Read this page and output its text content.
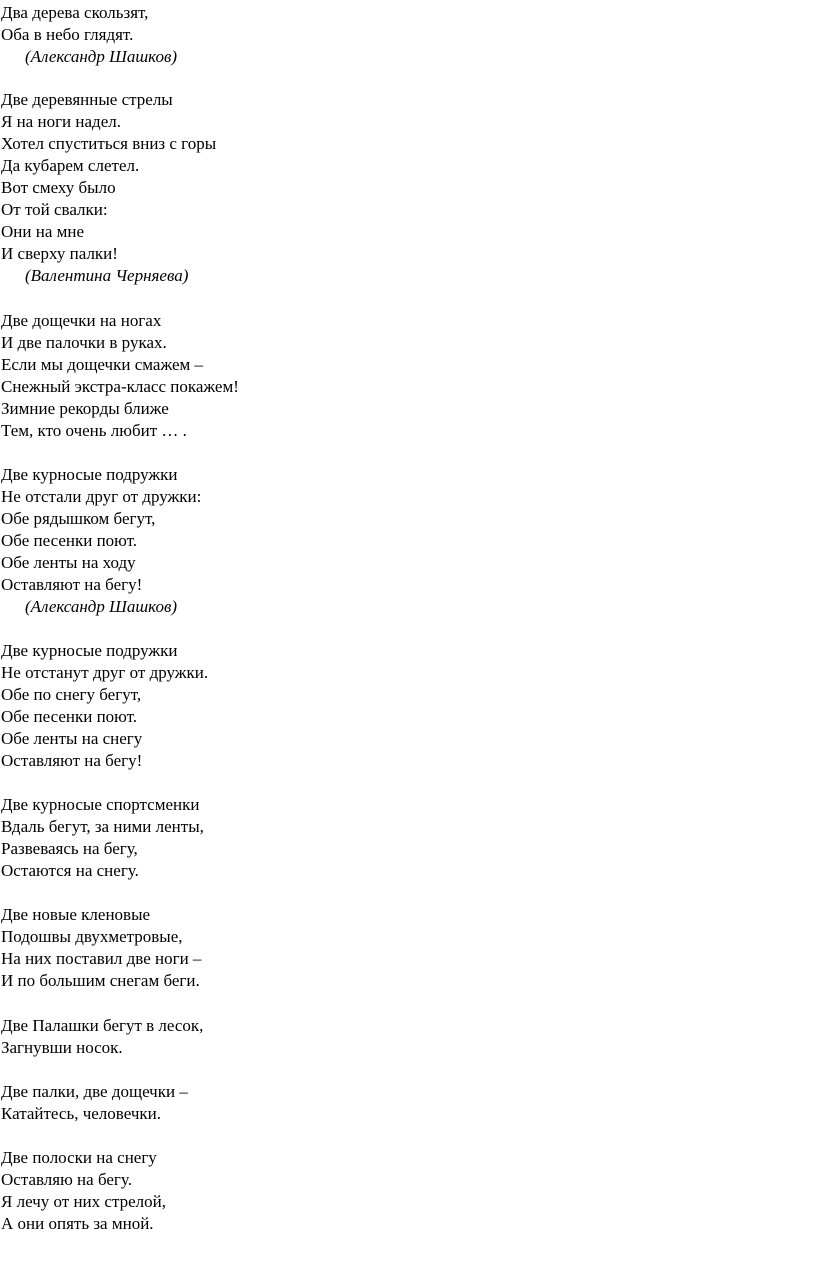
Два дерева скользят,
Оба в небо глядят.
(Александр Шашков)
Две деревянные стрелы
Я на ноги надел.
Хотел спуститься вниз с горы
Да кубарем слетел.
Вот смеху было
От той свалки:
Они на мне
И сверху палки!
(Валентина Черняева)
Две дощечки на ногах
И две палочки в руках.
Если мы дощечки смажем –
Снежный экстра-класс покажем!
Зимние рекорды ближе
Тем, кто очень любит … .
Две курносые подружки
Не отстали друг от дружки:
Обе рядышком бегут,
Обе песенки поют.
Обе ленты на ходу
Оставляют на бегу!
(Александр Шашков)
Две курносые подружки
Не отстанут друг от дружки.
Обе по снегу бегут,
Обе песенки поют.
Обе ленты на снегу
Оставляют на бегу!
Две курносые спортсменки
Вдаль бегут, за ними ленты,
Развеваясь на бегу,
Остаются на снегу.
Две новые кленовые
Подошвы двухметровые,
На них поставил две ноги –
И по большим снегам беги.
Две Палашки бегут в лесок,
Загнувши носок.
Две палки, две дощечки –
Катайтесь, человечки.
Две полоски на снегу
Оставляю на бегу.
Я лечу от них стрелой,
А они опять за мной.
